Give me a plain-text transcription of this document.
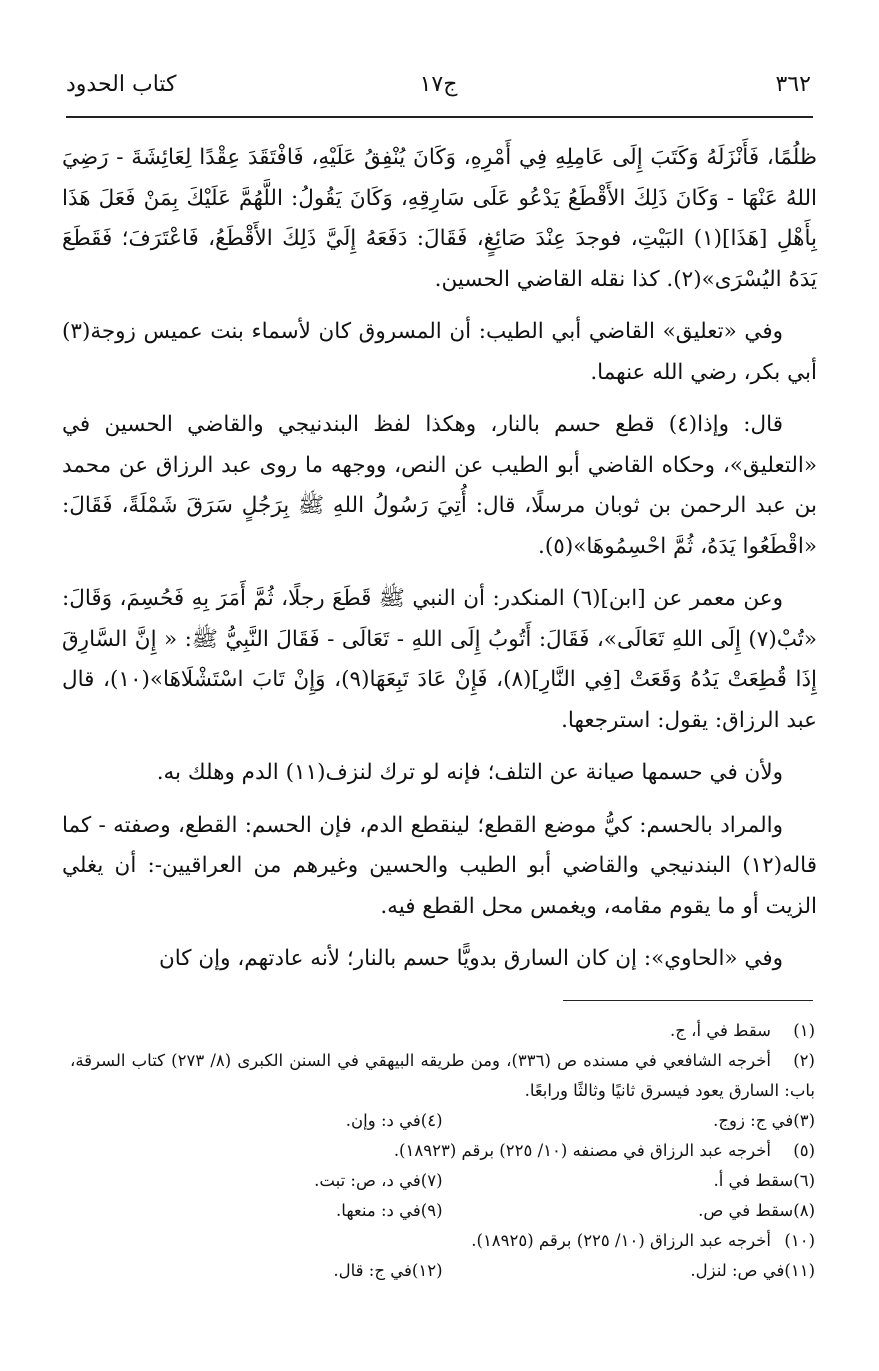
٣٦٢
ج١٧
كتاب الحدود

ظلُمًا، فَأَنْزَلَهُ وَكَتَبَ إِلَى عَامِلِهِ فِي أَمْرِهِ، وَكَانَ يُنْفِقُ عَلَيْهِ، فَافْتَقَدَ عِقْدًا لِعَائِشَةَ - رَضِيَ اللهُ عَنْهَا - وَكَانَ ذَلِكَ الأَقْطَعُ يَدْعُو عَلَى سَارِقِهِ، وَكَانَ يَقُولُ: اللَّهُمَّ عَلَيْكَ بِمَنْ فَعَلَ هَذَا بِأَهْلِ [هَذَا](١) البَيْتِ، فوجدَ عِنْدَ صَائِغٍ، فَقَالَ: دَفَعَهُ إِلَيَّ ذَلِكَ الأَقْطَعُ، فَاعْتَرَفَ؛ فَقَطَعَ يَدَهُ اليُسْرَى»(٢). كذا نقله القاضي الحسين.

وفي «تعليق» القاضي أبي الطيب: أن المسروق كان لأسماء بنت عميس زوجة(٣) أبي بكر، رضي الله عنهما.

قال: وإذا(٤) قطع حسم بالنار، وهكذا لفظ البندنيجي والقاضي الحسين في «التعليق»، وحكاه القاضي أبو الطيب عن النص، ووجهه ما روى عبد الرزاق عن محمد بن عبد الرحمن بن ثوبان مرسلًا، قال: أُتِيَ رَسُولُ اللهِ ﷺ بِرَجُلٍ سَرَقَ شَمْلَةً، فَقَالَ: «اقْطَعُوا يَدَهُ، ثُمَّ احْسِمُوهَا»(٥).

وعن معمر عن [ابن](٦) المنكدر: أن النبي ﷺ قَطَعَ رجلًا، ثُمَّ أَمَرَ بِهِ فَحُسِمَ، وَقَالَ: «تُبْ(٧) إِلَى اللهِ تَعَالَى»، فَقَالَ: أَتُوبُ إِلَى اللهِ - تَعَالَى - فَقَالَ النَّبِيُّ ﷺ: « إِنَّ السَّارِقَ إِذَا قُطِعَتْ يَدُهُ وَقَعَتْ [فِي النَّارِ](٨)، فَإِنْ عَادَ تَبِعَهَا(٩)، وَإِنْ تَابَ اسْتَشْلَاهَا»(١٠)، قال عبد الرزاق: يقول: استرجعها.

ولأن في حسمها صيانة عن التلف؛ فإنه لو ترك لنزف(١١) الدم وهلك به.

والمراد بالحسم: كيُّ موضع القطع؛ لينقطع الدم، فإن الحسم: القطع، وصفته - كما قاله(١٢) البندنيجي والقاضي أبو الطيب والحسين وغيرهم من العراقيين-: أن يغلي الزيت أو ما يقوم مقامه، ويغمس محل القطع فيه.

وفي «الحاوي»: إن كان السارق بدويًّا حسم بالنار؛ لأنه عادتهم، وإن كان

(١)سقط في أ، ج.
(٢)أخرجه الشافعي في مسنده ص (٣٣٦)، ومن طريقه البيهقي في السنن الكبرى (٨/ ٢٧٣) كتاب السرقة، باب: السارق يعود فيسرق ثانيًا وثالثًا ورابعًا.
(٣)في ج: زوج.
(٤)في د: وإن.
(٥)أخرجه عبد الرزاق في مصنفه (١٠/ ٢٢٥) برقم (١٨٩٢٣).
(٦)سقط في أ.
(٧)في د، ص: تبت.
(٨)سقط في ص.
(٩)في د: منعها.
(١٠)أخرجه عبد الرزاق (١٠/ ٢٢٥) برقم (١٨٩٢٥).
(١١)في ص: لنزل.
(١٢)في ج: قال.
